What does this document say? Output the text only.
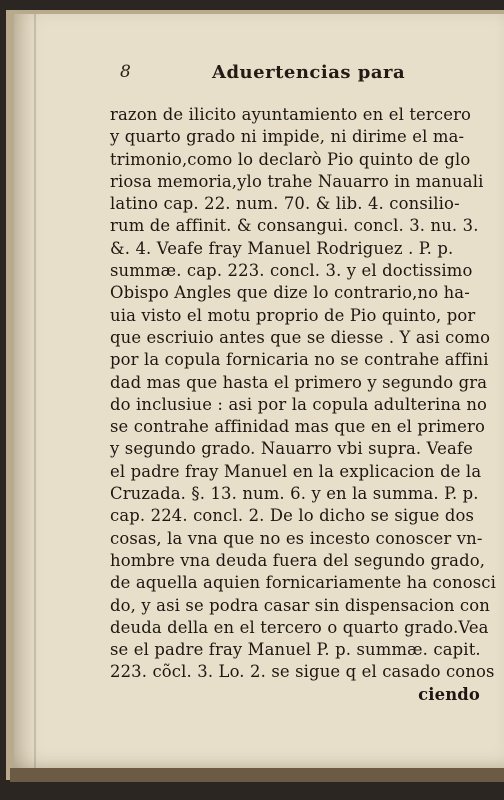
8	Aduertencias para
razon de ilicito ayuntamiento en el tercero
y quarto grado ni impide, ni dirime el ma-
trimonio,como lo declarò Pio quinto de glo
riosa memoria,ylo trahe Nauarro in manuali
latino cap. 22. num. 70. & lib. 4. consilio-
rum de affinit. & consangui. concl. 3. nu. 3.
&. 4. Veafe fray Manuel Rodriguez . P. p.
summæ. cap. 223. concl. 3. y el doctissimo
Obispo Angles que dize lo contrario,no ha-
uia visto el motu proprio de Pio quinto, por
que escriuio antes que se diesse . Y asi como
por la copula fornicaria no se contrahe affini
dad mas que hasta el primero y segundo gra
do inclusiue : asi por la copula adulterina no
se contrahe affinidad mas que en el primero
y segundo grado. Nauarro vbi supra. Veafe
el padre fray Manuel en la explicacion de la
Cruzada. §. 13. num. 6. y en la summa. P. p.
cap. 224. concl. 2. De lo dicho se sigue dos
cosas, la vna que no es incesto conoscer vn-
hombre vna deuda fuera del segundo grado,
de aquella aquien fornicariamente ha conosci
do, y asi se podra casar sin dispensacion con
deuda della en el tercero o quarto grado.Vea
se el padre fray Manuel P. p. summæ. capit.
223. cõcl. 3. Lo. 2. se sigue q el casado conos
ciendo
